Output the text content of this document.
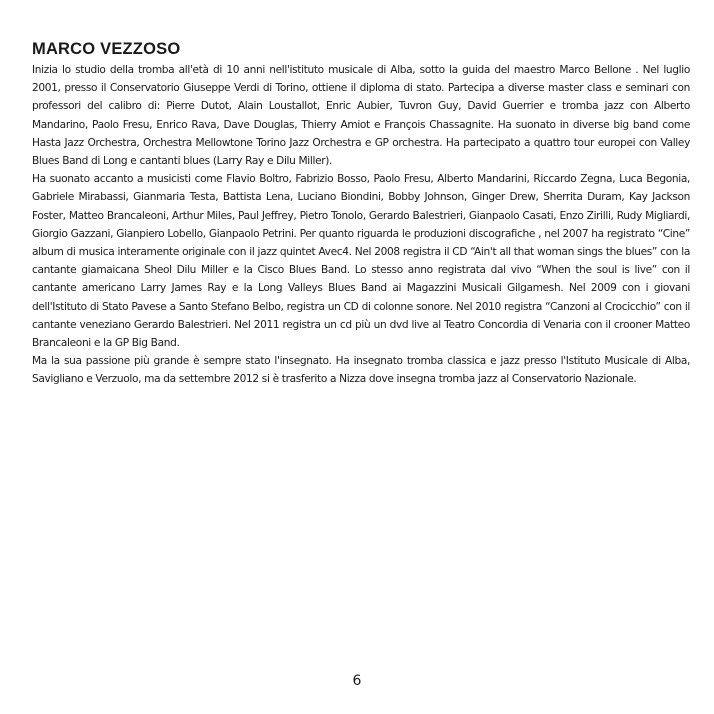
MARCO VEZZOSO

Inizia lo studio della tromba all'età di 10 anni nell'istituto musicale di Alba, sotto la guida del maestro Marco Bellone . Nel luglio 2001, presso il Conservatorio Giuseppe Verdi di Torino, ottiene il diploma di stato. Partecipa a diverse master class e seminari con professori del calibro di: Pierre Dutot, Alain Loustallot, Enric Aubier, Tuvron Guy, David Guerrier e tromba jazz con Alberto Mandarino, Paolo Fresu, Enrico Rava, Dave Douglas, Thierry Amiot e François Chassagnite. Ha suonato in diverse big band come Hasta Jazz Orchestra, Orchestra Mellowtone Torino Jazz Orchestra e GP orchestra. Ha partecipato a quattro tour europei con Valley Blues Band di Long e cantanti blues (Larry Ray e Dilu Miller).

Ha suonato accanto a musicisti come Flavio Boltro, Fabrizio Bosso, Paolo Fresu, Alberto Mandarini, Riccardo Zegna, Luca Begonia, Gabriele Mirabassi, Gianmaria Testa, Battista Lena, Luciano Biondini, Bobby Johnson, Ginger Drew, Sherrita Duram, Kay Jackson Foster, Matteo Brancaleoni, Arthur Miles, Paul Jeffrey, Pietro Tonolo, Gerardo Balestrieri, Gianpaolo Casati, Enzo Zirilli, Rudy Migliardi, Giorgio Gazzani, Gianpiero Lobello, Gianpaolo Petrini. Per quanto riguarda le produzioni discografiche , nel 2007 ha registrato “Cine” album di musica interamente originale con il jazz quintet Avec4. Nel 2008 registra il CD “Ain't all that woman sings the blues” con la cantante giamaicana Sheol Dilu Miller e la Cisco Blues Band. Lo stesso anno registrata dal vivo “When the soul is live” con il cantante americano Larry James Ray e la Long Valleys Blues Band ai Magazzini Musicali Gilgamesh. Nel 2009 con i giovani dell'Istituto di Stato Pavese a Santo Stefano Belbo, registra un CD di colonne sonore. Nel 2010 registra “Canzoni al Crocicchio” con il cantante veneziano Gerardo Balestrieri. Nel 2011 registra un cd più un dvd live al Teatro Concordia di Venaria con il crooner Matteo Brancaleoni e la GP Big Band.

Ma la sua passione più grande è sempre stato l'insegnato. Ha insegnato tromba classica e jazz presso l'Istituto Musicale di Alba, Savigliano e Verzuolo, ma da settembre 2012 si è trasferito a Nizza dove insegna tromba jazz al Conservatorio Nazionale.

6
